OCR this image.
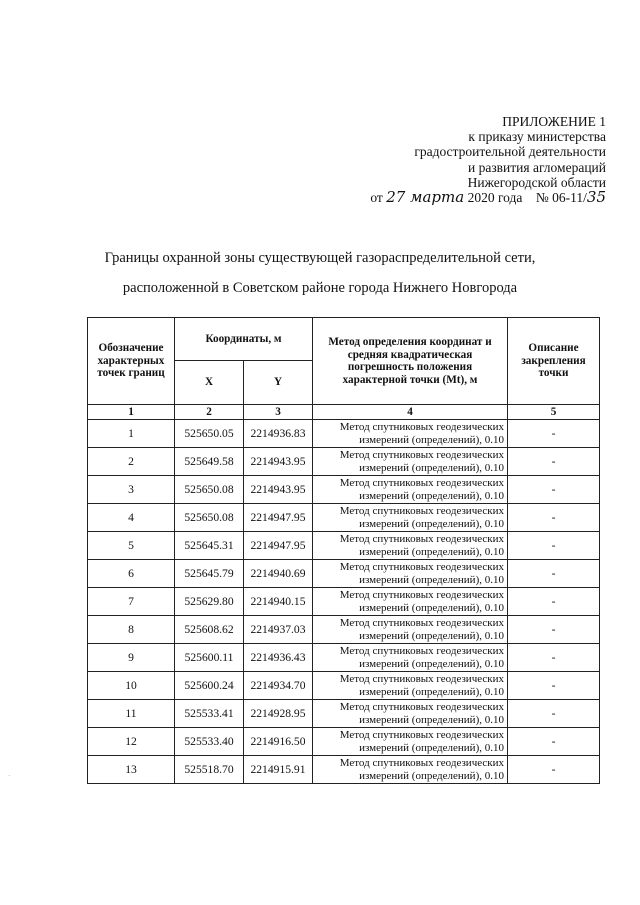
ПРИЛОЖЕНИЕ 1
к приказу министерства
градостроительной деятельности
и развития агломераций
Нижегородской области
от 27 марта 2020 года № 06-11/35
Границы охранной зоны существующей газораспределительной сети,
расположенной в Советском районе города Нижнего Новгорода
Обозначение характерных точек границ	Координаты, м		Метод определения координат и средняя квадратическая погрешность положения характерной точки (Mt), м	Описание закрепления точки
	X	Y		
1	2	3	4	5
1	525650.05	2214936.83	Метод спутниковых геодезических измерений (определений), 0.10	-
2	525649.58	2214943.95	Метод спутниковых геодезических измерений (определений), 0.10	-
3	525650.08	2214943.95	Метод спутниковых геодезических измерений (определений), 0.10	-
4	525650.08	2214947.95	Метод спутниковых геодезических измерений (определений), 0.10	-
5	525645.31	2214947.95	Метод спутниковых геодезических измерений (определений), 0.10	-
6	525645.79	2214940.69	Метод спутниковых геодезических измерений (определений), 0.10	-
7	525629.80	2214940.15	Метод спутниковых геодезических измерений (определений), 0.10	-
8	525608.62	2214937.03	Метод спутниковых геодезических измерений (определений), 0.10	-
9	525600.11	2214936.43	Метод спутниковых геодезических измерений (определений), 0.10	-
10	525600.24	2214934.70	Метод спутниковых геодезических измерений (определений), 0.10	-
11	525533.41	2214928.95	Метод спутниковых геодезических измерений (определений), 0.10	-
12	525533.40	2214916.50	Метод спутниковых геодезических измерений (определений), 0.10	-
13	525518.70	2214915.91	Метод спутниковых геодезических измерений (определений), 0.10	-
·
